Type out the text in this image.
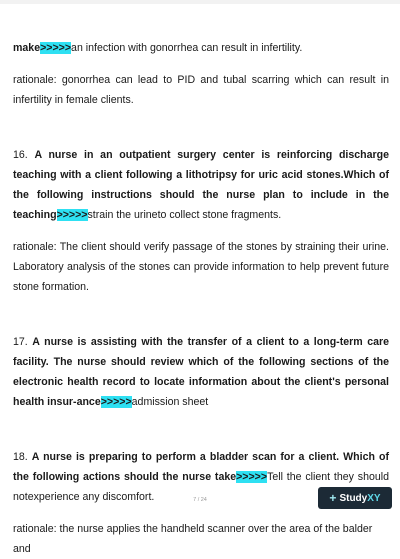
make>>>>>an infection with gonorrhea can result in infertility.

rationale: gonorrhea can lead to PID and tubal scarring which can result in infertility in female clients.

16. A nurse in an outpatient surgery center is reinforcing discharge teaching with a client following a lithotripsy for uric acid stones.Which of the following instructions should the nurse plan to include in the teaching>>>>>strain the urineto collect stone fragments.

rationale: The client should verify passage of the stones by straining their urine. Laboratory analysis of the stones can provide information to help prevent future stone formation.

17. A nurse is assisting with the transfer of a client to a long-term care facility. The nurse should review which of the following sections of the electronic health record to locate information about the client's personal health insur-ance>>>>>admission sheet

18. A nurse is preparing to perform a bladder scan for a client. Which of the following actions should the nurse take>>>>>Tell the client they should notexperience any discomfort.

rationale: the nurse applies the handheld scanner over the area of the balder and

7 / 24	+ StudyXY
